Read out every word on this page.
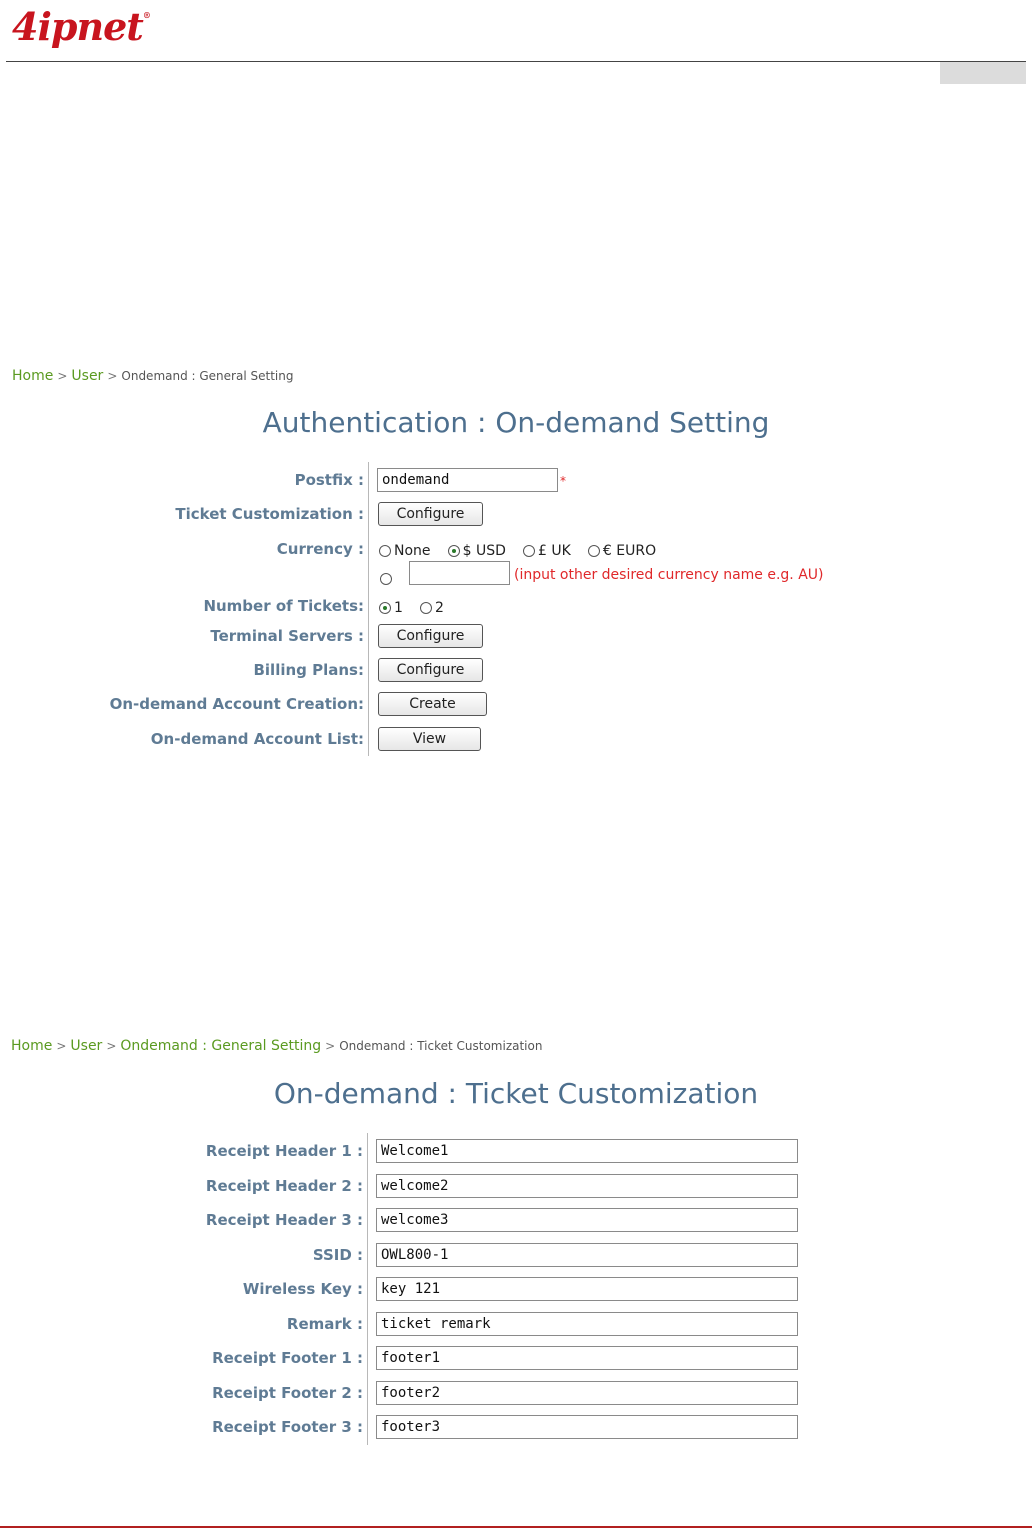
4ipnet®
Home > User > Ondemand : General Setting
Authentication : On-demand Setting
Postfix :
ondemand	*
Ticket Customization :	Configure
Currency :	None $ USD £ UK € EURO

(input other desired currency name e.g. AU)
Number of Tickets:	1 2
Terminal Servers :	Configure
Billing Plans:	Configure
On-demand Account Creation:	Create
On-demand Account List:	View
Home > User > Ondemand : General Setting > Ondemand : Ticket Customization
On-demand : Ticket Customization
Receipt Header 1 :
Welcome1
Receipt Header 2 :
welcome2
Receipt Header 3 :
welcome3
SSID :
OWL800-1
Wireless Key :
key 121
Remark :
ticket remark
Receipt Footer 1 :
footer1
Receipt Footer 2 :
footer2
Receipt Footer 3 :
footer3
